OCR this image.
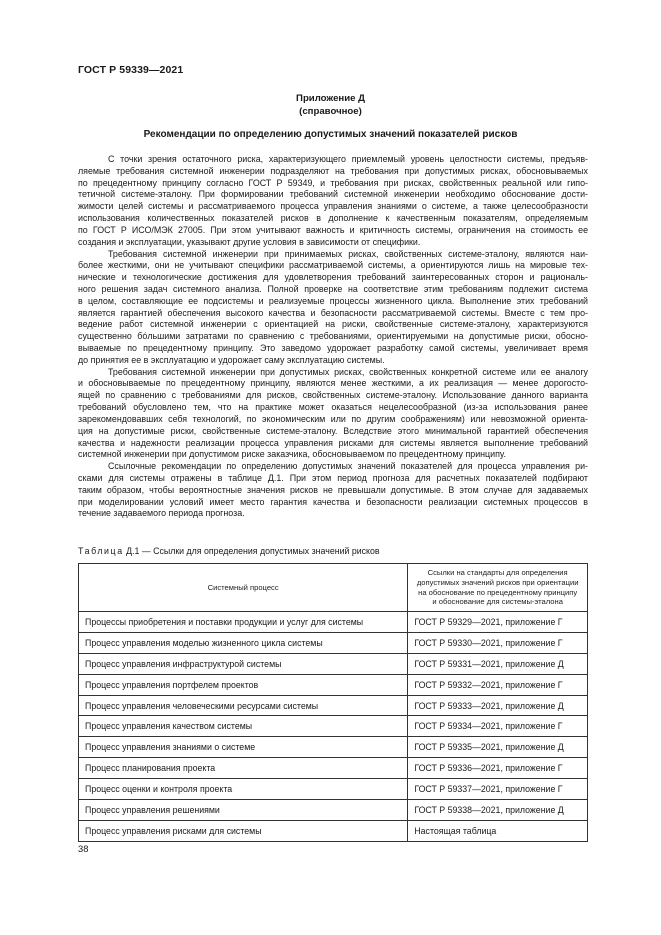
ГОСТ Р 59339—2021
Приложение Д
(справочное)
Рекомендации по определению допустимых значений показателей рисков
С точки зрения остаточного риска, характеризующего приемлемый уровень целостности системы, предъяв-
ляемые требования системной инженерии подразделяют на требования при допустимых рисках, обосновываемых
по прецедентному принципу согласно ГОСТ Р 59349, и требования при рисках, свойственных реальной или гипо-
тетичной системе-эталону. При формировании требований системной инженерии необходимо обоснование дости-
жимости целей системы и рассматриваемого процесса управления знаниями о системе, а также целесообразности
использования количественных показателей рисков в дополнение к качественным показателям, определяемым
по ГОСТ Р ИСО/МЭК 27005. При этом учитывают важность и критичность системы, ограничения на стоимость ее
создания и эксплуатации, указывают другие условия в зависимости от специфики.
Требования системной инженерии при принимаемых рисках, свойственных системе-эталону, являются наи-
более жесткими, они не учитывают специфики рассматриваемой системы, а ориентируются лишь на мировые тех-
нические и технологические достижения для удовлетворения требований заинтересованных сторон и рациональ-
ного решения задач системного анализа. Полной проверке на соответствие этим требованиям подлежит система
в целом, составляющие ее подсистемы и реализуемые процессы жизненного цикла. Выполнение этих требований
является гарантией обеспечения высокого качества и безопасности рассматриваемой системы. Вместе с тем про-
ведение работ системной инженерии с ориентацией на риски, свойственные системе-эталону, характеризуются
существенно бóльшими затратами по сравнению с требованиями, ориентируемыми на допустимые риски, обосно-
вываемые по прецедентному принципу. Это заведомо удорожает разработку самой системы, увеличивает время
до принятия ее в эксплуатацию и удорожает саму эксплуатацию системы.
Требования системной инженерии при допустимых рисках, свойственных конкретной системе или ее аналогу
и обосновываемые по прецедентному принципу, являются менее жесткими, а их реализация — менее дорогосто-
ящей по сравнению с требованиями для рисков, свойственных системе-эталону. Использование данного варианта
требований обусловлено тем, что на практике может оказаться нецелесообразной (из-за использования ранее
зарекомендовавших себя технологий, по экономическим или по другим соображениям) или невозможной ориента-
ция на допустимые риски, свойственные системе-эталону. Вследствие этого минимальной гарантией обеспечения
качества и надежности реализации процесса управления рисками для системы является выполнение требований
системной инженерии при допустимом риске заказчика, обосновываемом по прецедентному принципу.
Ссылочные рекомендации по определению допустимых значений показателей для процесса управления ри-
сками для системы отражены в таблице Д.1. При этом период прогноза для расчетных показателей подбирают
таким образом, чтобы вероятностные значения рисков не превышали допустимые. В этом случае для задаваемых
при моделировании условий имеет место гарантия качества и безопасности реализации системных процессов в
течение задаваемого периода прогноза.
Таблица Д.1 — Ссылки для определения допустимых значений рисков
Системный процесс	Ссылки на стандарты для определения
допустимых значений рисков при ориентации
на обоснование по прецедентному принципу
и обоснование для системы-эталона

Процессы приобретения и поставки продукции и услуг для системы	ГОСТ Р 59329—2021, приложение Г
Процесс управления моделью жизненного цикла системы	ГОСТ Р 59330—2021, приложение Г
Процесс управления инфраструктурой системы	ГОСТ Р 59331—2021, приложение Д
Процесс управления портфелем проектов	ГОСТ Р 59332—2021, приложение Г
Процесс управления человеческими ресурсами системы	ГОСТ Р 59333—2021, приложение Д
Процесс управления качеством системы	ГОСТ Р 59334—2021, приложение Г
Процесс управления знаниями о системе	ГОСТ Р 59335—2021, приложение Д
Процесс планирования проекта	ГОСТ Р 59336—2021, приложение Г
Процесс оценки и контроля проекта	ГОСТ Р 59337—2021, приложение Г
Процесс управления решениями	ГОСТ Р 59338—2021, приложение Д
Процесс управления рисками для системы	Настоящая таблица
38
